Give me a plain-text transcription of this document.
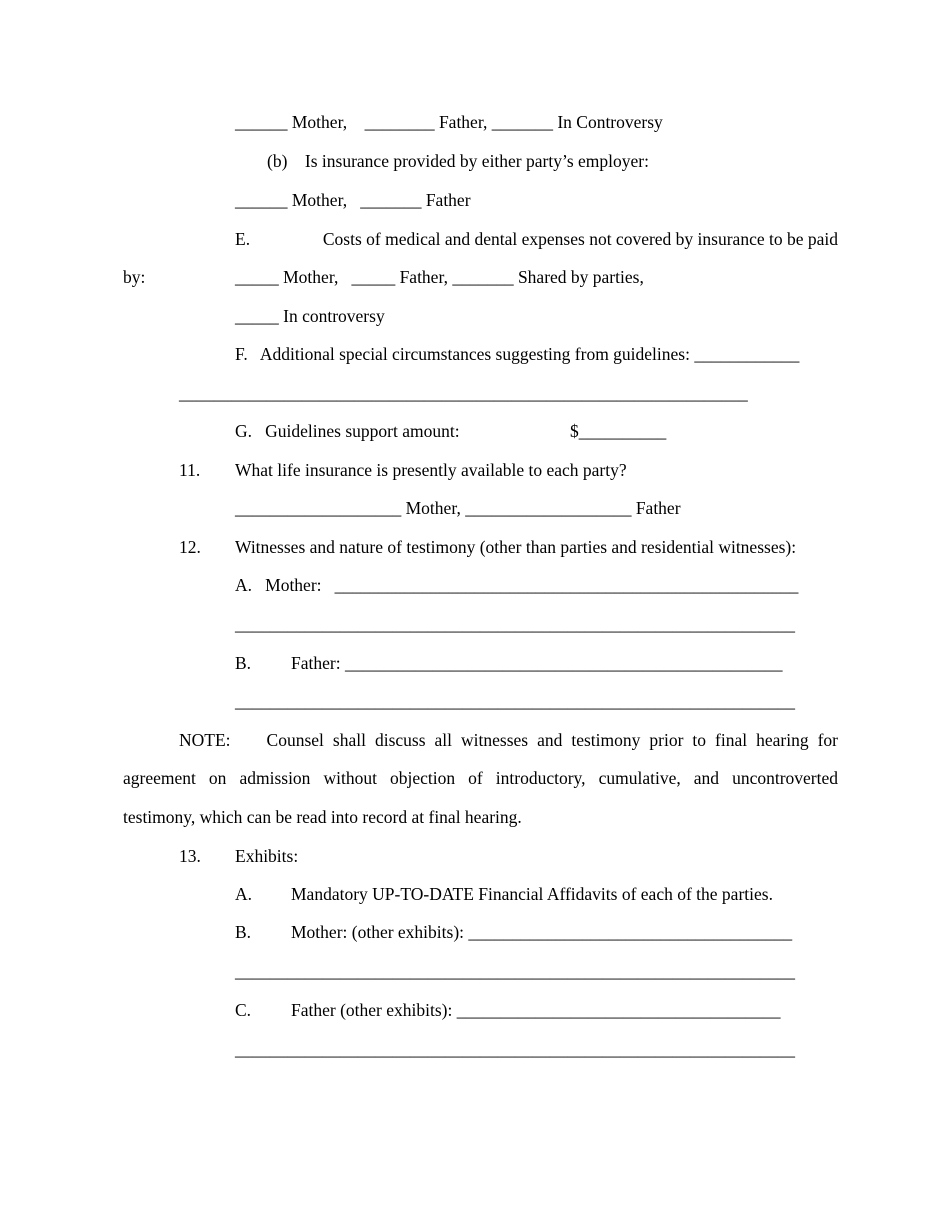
______ Mother,    ________ Father, _______ In Controversy
(b)    Is insurance provided by either party’s employer:
______ Mother,   _______ Father
E.	Costs of medical and dental expenses not covered by insurance to be paid
by:	_____ Mother,   _____ Father, _______ Shared by parties,
_____ In controversy
F.   Additional special circumstances suggesting from guidelines: ____________
_________________________________________________________________
G.   Guidelines support amount:	$__________
11. What life insurance is presently available to each party?
___________________ Mother, ___________________ Father
12. Witnesses and nature of testimony (other than parties and residential witnesses):
A.   Mother:   _____________________________________________________
________________________________________________________________
B. Father: __________________________________________________
________________________________________________________________
NOTE:    Counsel shall discuss all witnesses and testimony prior to final hearing for
agreement on admission without objection of introductory, cumulative, and uncontroverted
testimony, which can be read into record at final hearing.
13. Exhibits:
A. Mandatory UP-TO-DATE Financial Affidavits of each of the parties.
B. Mother: (other exhibits): _____________________________________
________________________________________________________________
C. Father (other exhibits): _____________________________________
________________________________________________________________
